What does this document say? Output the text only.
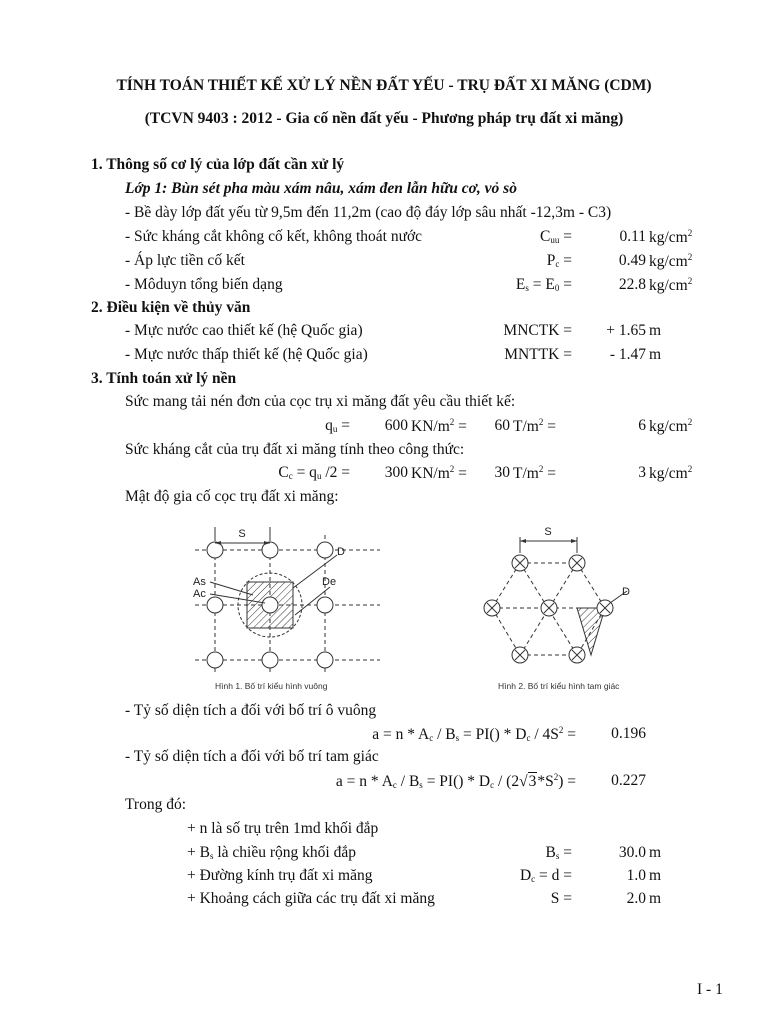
TÍNH TOÁN THIẾT KẾ XỬ LÝ NỀN ĐẤT YẾU - TRỤ ĐẤT XI MĂNG (CDM)
(TCVN 9403 : 2012 - Gia cố nền đất yếu - Phương pháp trụ đất xi măng)
1. Thông số cơ lý của lớp đất cần xử lý
Lớp 1: Bùn sét pha màu xám nâu, xám đen lẫn hữu cơ, vỏ sò
- Bề dày lớp đất yếu từ 9,5m đến 11,2m (cao độ đáy lớp sâu nhất -12,3m - C3)
- Sức kháng cắt không cố kết, không thoát nước	$C_{uu}$ =	0.11 $kg/cm^2$
- Áp lực tiền cố kết	$P_c$ =	0.49 $kg/cm^2$
- Môduyn tổng biến dạng	$E_s = E_0$ =	22.8 $kg/cm^2$
2. Điều kiện về thủy văn
- Mực nước cao thiết kế (hệ Quốc gia)	MNCTK =	+ 1.65 m
- Mực nước thấp thiết kế (hệ Quốc gia)	MNTTK =	- 1.47 m
3. Tính toán xử lý nền
Sức mang tải nén đơn của cọc trụ xi măng đất yêu cầu thiết kế:
$q_u$ =	600 $KN/m^2$ =	60 $T/m^2$ =	6 $kg/cm^2$
Sức kháng cắt của trụ đất xi măng tính theo công thức:
$C_c = q_u$ /2 =	300 $KN/m^2$ =	30 $T/m^2$ =	3 $kg/cm^2$
Mật độ gia cố cọc trụ đất xi măng:
S
D
De
As
Ac
Hình 1. Bố trí kiểu hình vuông
S
D
Hình 2. Bố trí kiểu hình tam giác
- Tỷ số diện tích a đối với bố trí ô vuông
$a = n * A_c / B_s = PI() * D_c / 4S^2$ =	0.196
- Tỷ số diện tích a đối với bố trí tam giác
$a = n * A_c / B_s = PI() * D_c / (2√3*S^2)$ =	0.227
Trong đó:
+ n là số trụ trên 1md khối đắp
+ $B_s$ là chiều rộng khối đắp	$B_s$ =	30.0 m
+ Đường kính trụ đất xi măng	$D_c = d$ =	1.0 m
+ Khoảng cách giữa các trụ đất xi măng	S =	2.0 m
I - 1
